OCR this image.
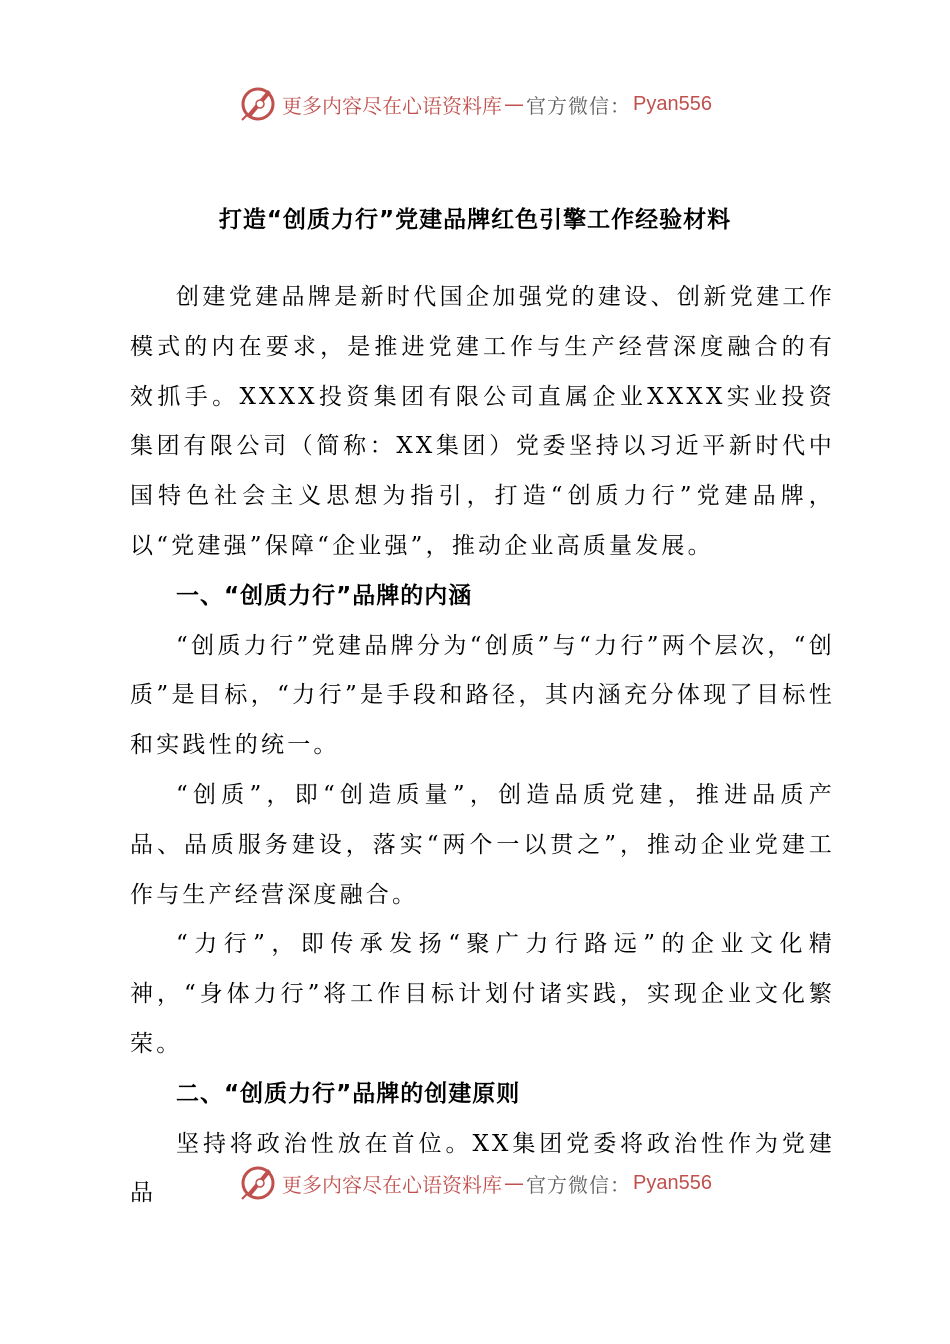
更多内容尽在心语资料库 — 官方微信： Pyan556
打造“创质力行”党建品牌红色引擎工作经验材料

创建党建品牌是新时代国企加强党的建设、创新党建工作模式的内在要求，是推进党建工作与生产经营深度融合的有效抓手。XXXX投资集团有限公司直属企业XXXX实业投资集团有限公司（简称：XX集团）党委坚持以习近平新时代中国特色社会主义思想为指引，打造“创质力行”党建品牌，以“党建强”保障“企业强”，推动企业高质量发展。

一、“创质力行”品牌的内涵

“创质力行”党建品牌分为“创质”与“力行”两个层次，“创质”是目标，“力行”是手段和路径，其内涵充分体现了目标性和实践性的统一。

“创质”，即“创造质量”，创造品质党建，推进品质产品、品质服务建设，落实“两个一以贯之”，推动企业党建工作与生产经营深度融合。

“力行”，即传承发扬“聚广力行路远”的企业文化精神，“身体力行”将工作目标计划付诸实践，实现企业文化繁荣。

二、“创质力行”品牌的创建原则

坚持将政治性放在首位。XX集团党委将政治性作为党建品	更多内容尽在心语资料库 — 官方微信： Pyan556
